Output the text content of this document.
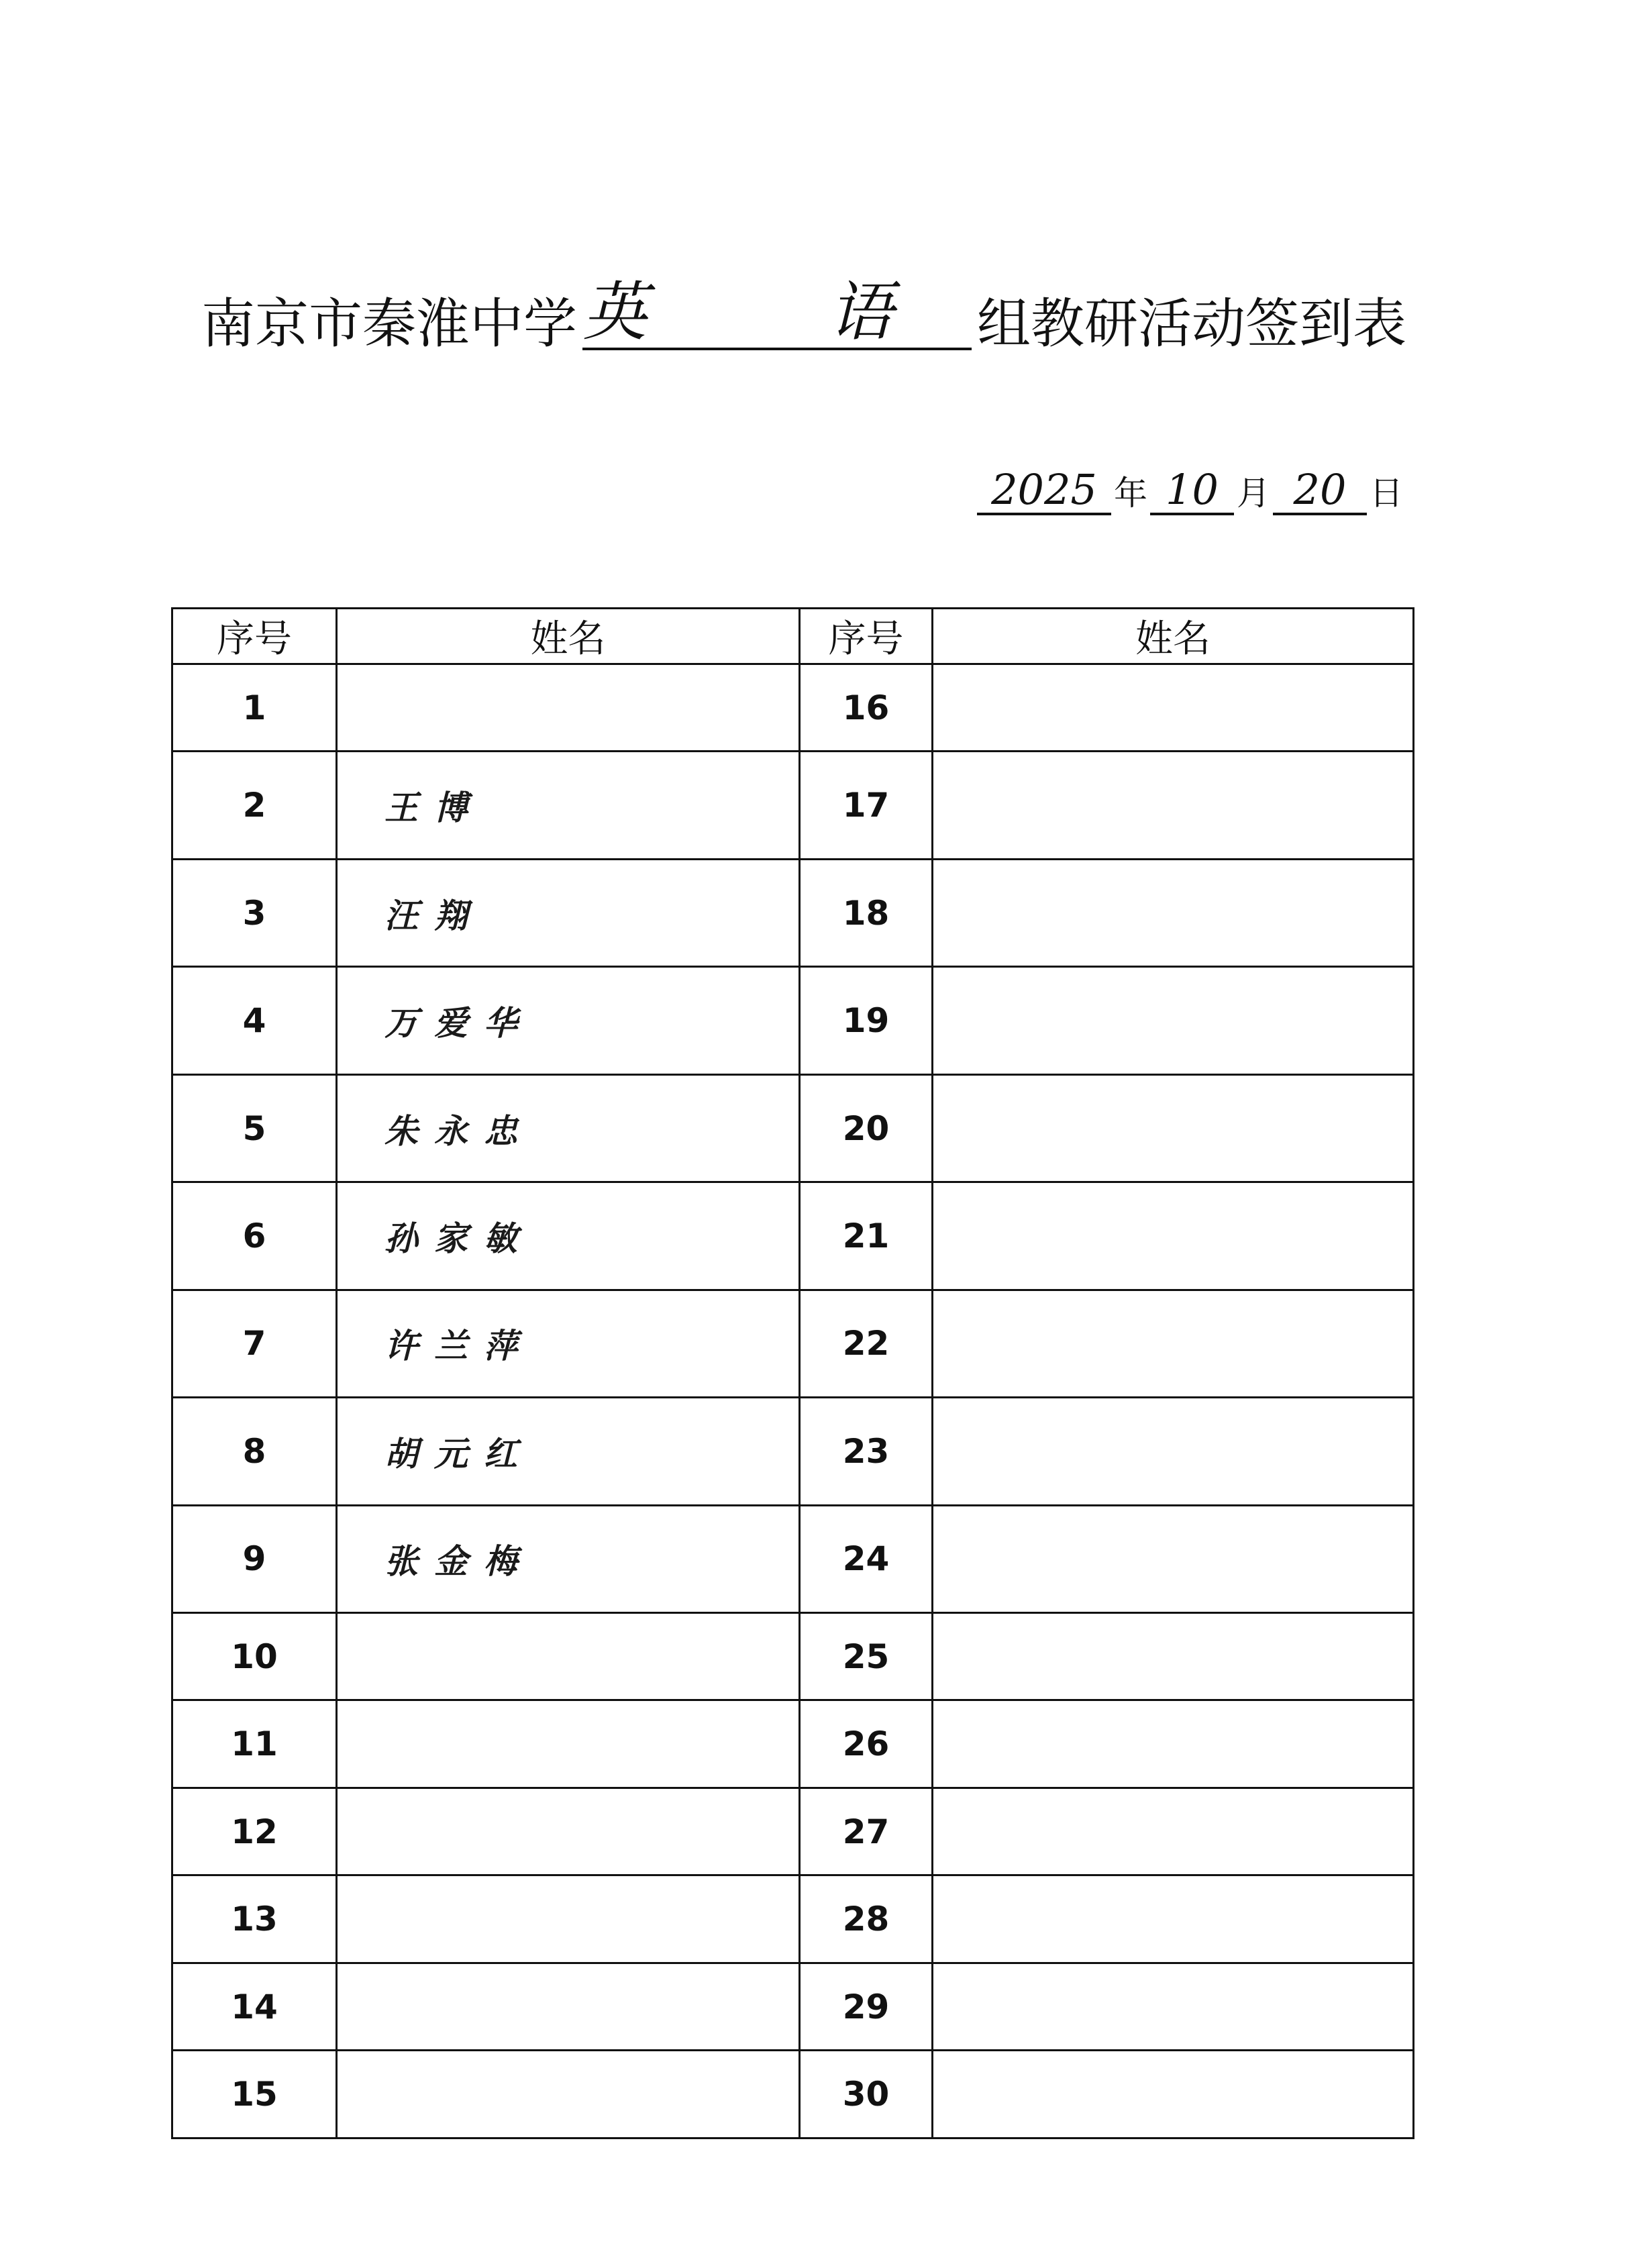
南京市秦淮中学 英 语 组教研活动签到表
2025 年 10 月 20 日
序号	姓名	序号	姓名
1		16	
2	王博	17	
3	汪翔	18	
4	万爱华	19	
5	朱永忠	20	
6	孙家敏	21	
7	许兰萍	22	
8	胡元红	23	
9	张金梅	24	
10		25	
11		26	
12		27	
13		28	
14		29	
15		30	
